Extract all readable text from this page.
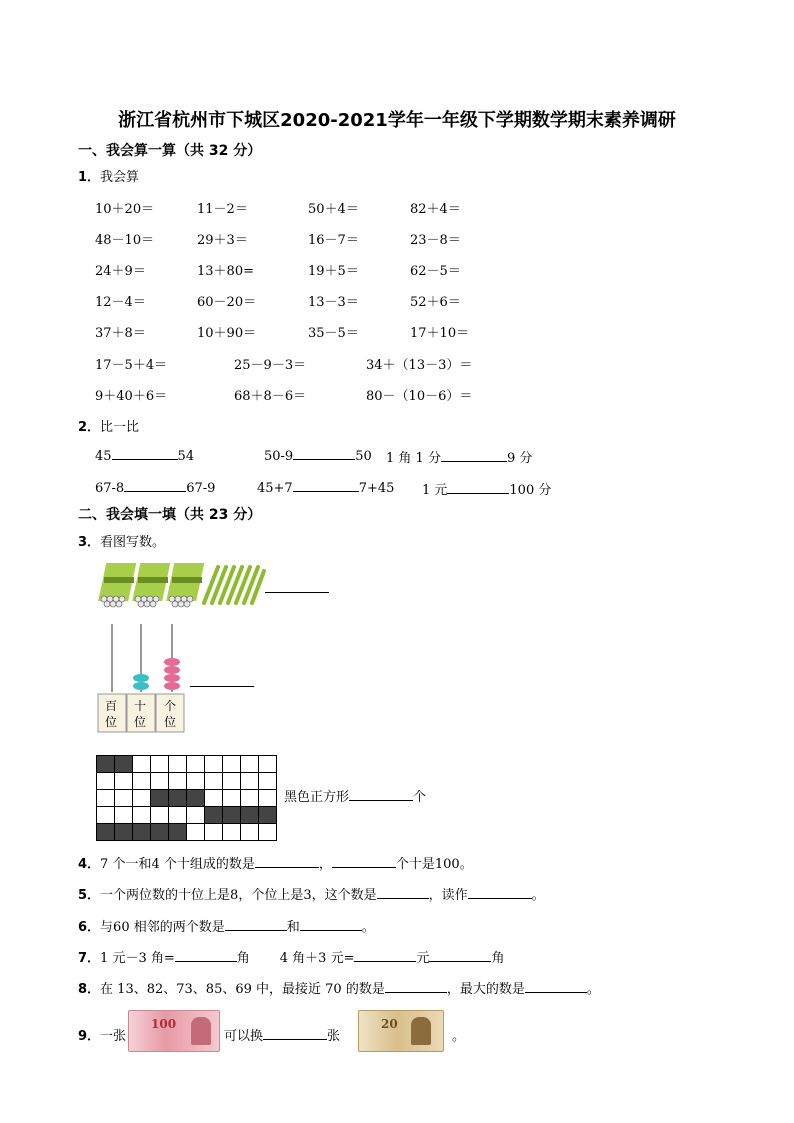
浙江省杭州市下城区2020-2021学年一年级下学期数学期末素养调研
一、我会算一算（共 32 分）
1．我会算
10＋20＝	11－2＝	50＋4＝	82＋4＝
48－10＝	29＋3＝	16－7＝	23－8＝
24＋9＝	13＋80=	19＋5＝	62－5＝
12－4＝	60－20＝	13－3＝	52＋6＝
37＋8＝	10＋90＝	35－5＝	17＋10＝
17－5＋4＝	25－9－3＝	34＋（13－3）＝
9＋40＋6＝	68＋8－6＝	80－（10－6）＝
2．比一比
45	54	50-9	50 1 角 1 分	9 分
67-8	67-9	45+7	7+45 1 元	100 分
二、我会填一填（共 23 分）
3．看图写数。
百
位
十
位
个
位

黑色正方形	个
4．7 个一和4 个十组成的数是	，	个十是100。
5．一个两位数的十位上是8，个位上是3，这个数是	，读作	。
6．与60 相邻的两个数是	和	。
7．1 元－3 角=	角 4 角＋3 元=	元	角
8．在 13、82、73、85、69 中，最接近 70 的数是	，最大的数是	。
9．一张
100
可以换	张
20
。
